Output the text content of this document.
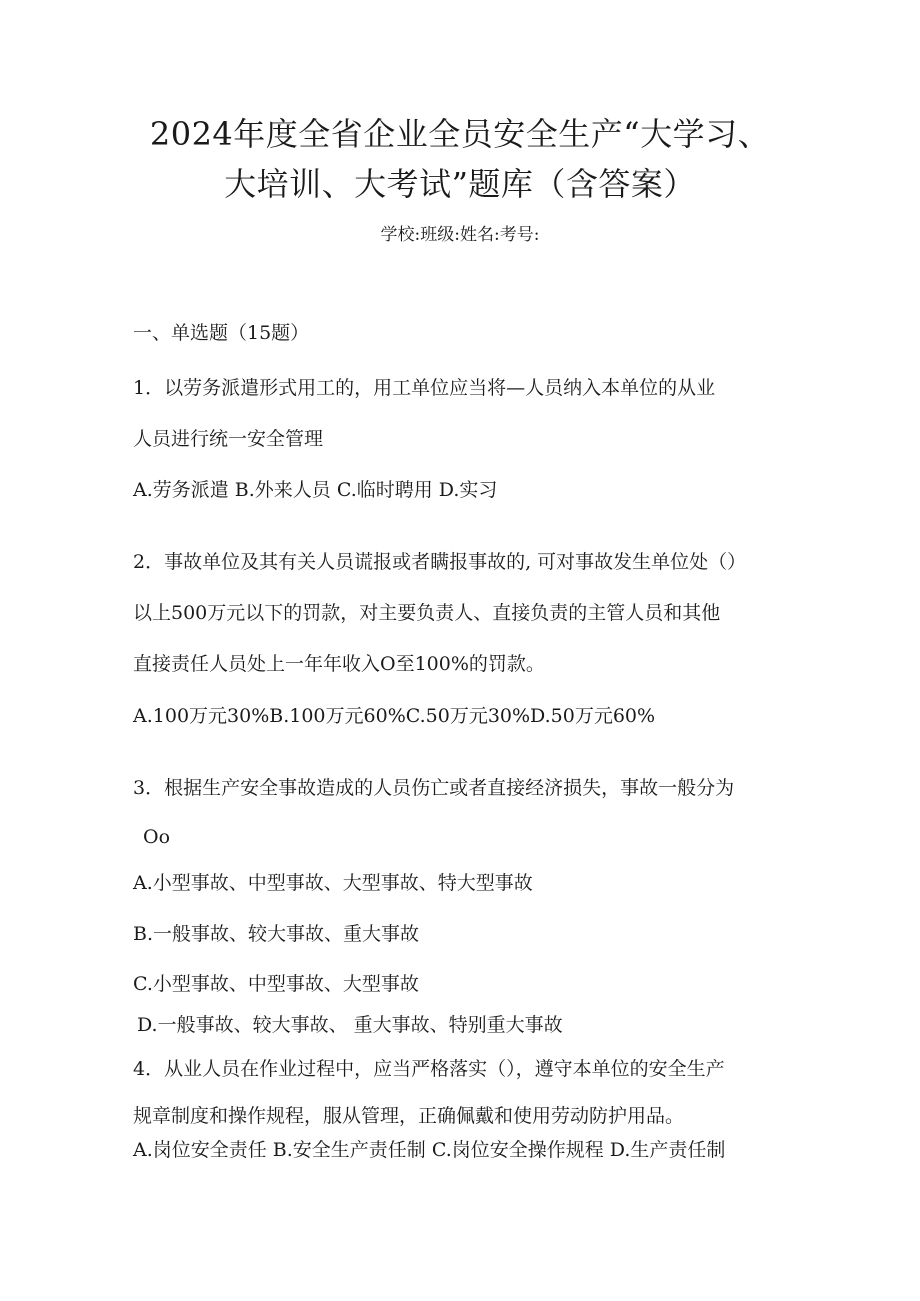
2024年度全省企业全员安全生产“大学习、
大培训、大考试”题库（含答案）
学校:班级:姓名:考号:
一、单选题（15题）
1．以劳务派遣形式用工的，用工单位应当将—人员纳入本单位的从业
人员进行统一安全管理
A.劳务派遣 B.外来人员 C.临时聘用 D.实习
2．事故单位及其有关人员谎报或者瞒报事故的, 可对事故发生单位处（）
以上500万元以下的罚款，对主要负责人、直接负责的主管人员和其他
直接责任人员处上一年年收入O至100%的罚款。
A.100万元30%B.100万元60%C.50万元30%D.50万元60%
3．根据生产安全事故造成的人员伤亡或者直接经济损失，事故一般分为
Oo
A.小型事故、中型事故、大型事故、特大型事故
B.一般事故、较大事故、重大事故
C.小型事故、中型事故、大型事故
D.一般事故、较大事故、 重大事故、特别重大事故
4．从业人员在作业过程中，应当严格落实（），遵守本单位的安全生产
规章制度和操作规程，服从管理，正确佩戴和使用劳动防护用品。
A.岗位安全责任 B.安全生产责任制 C.岗位安全操作规程 D.生产责任制
